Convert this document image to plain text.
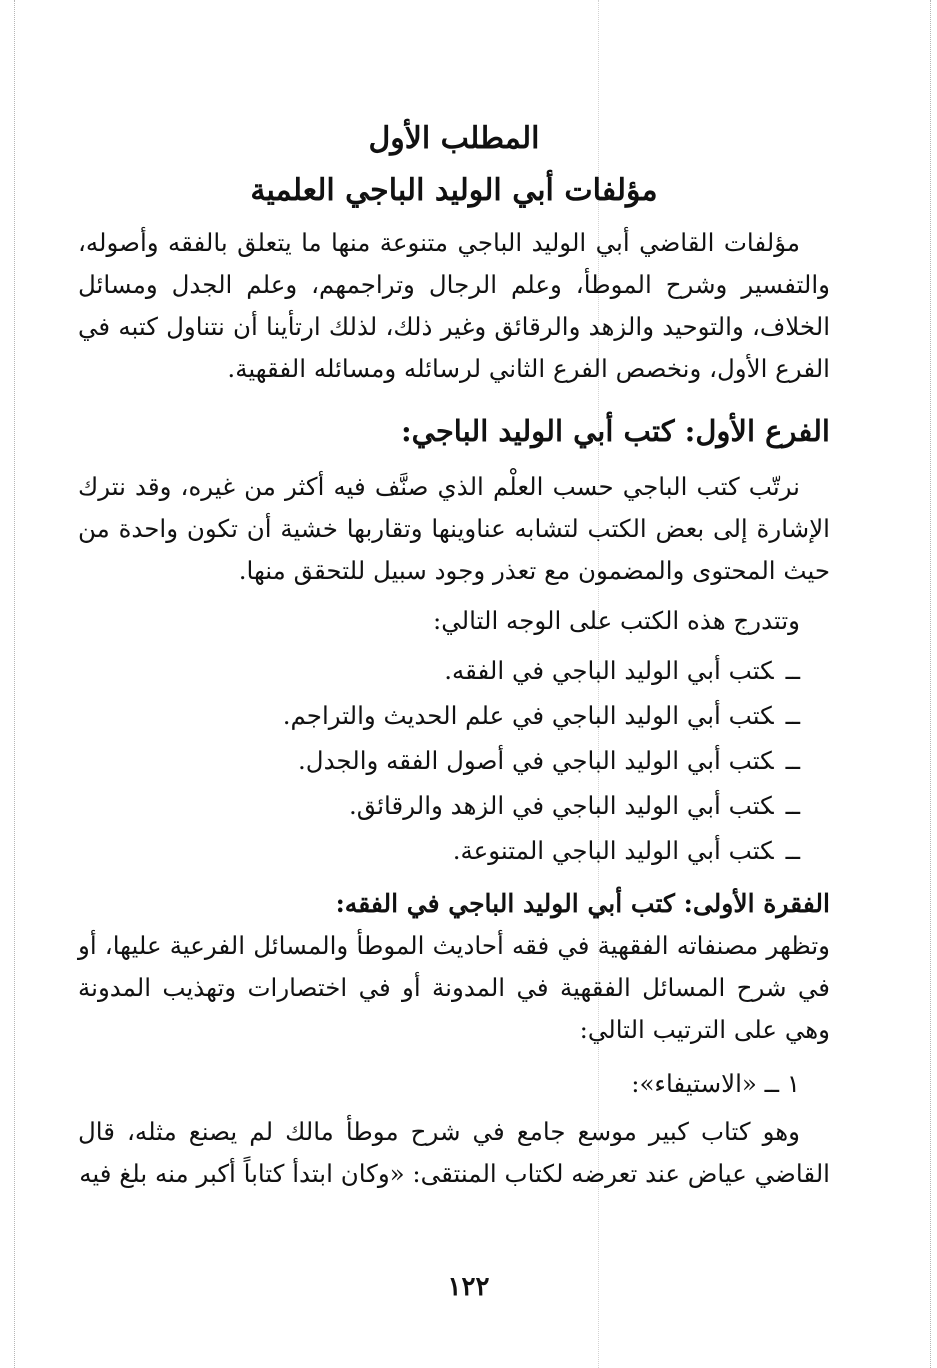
المطلب الأول
مؤلفات أبي الوليد الباجي العلمية

مؤلفات القاضي أبي الوليد الباجي متنوعة منها ما يتعلق بالفقه وأصوله، والتفسير وشرح الموطأ، وعلم الرجال وتراجمهم، وعلم الجدل ومسائل الخلاف، والتوحيد والزهد والرقائق وغير ذلك، لذلك ارتأينا أن نتناول كتبه في الفرع الأول، ونخصص الفرع الثاني لرسائله ومسائله الفقهية.

الفرع الأول: كتب أبي الوليد الباجي:

نرتّب كتب الباجي حسب العلْم الذي صنَّف فيه أكثر من غيره، وقد نترك الإشارة إلى بعض الكتب لتشابه عناوينها وتقاربها خشية أن تكون واحدة من حيث المحتوى والمضمون مع تعذر وجود سبيل للتحقق منها.

وتتدرج هذه الكتب على الوجه التالي:

ــكتب أبي الوليد الباجي في الفقه.
ــكتب أبي الوليد الباجي في علم الحديث والتراجم.
ــكتب أبي الوليد الباجي في أصول الفقه والجدل.
ــكتب أبي الوليد الباجي في الزهد والرقائق.
ــكتب أبي الوليد الباجي المتنوعة.
الفقرة الأولى: كتب أبي الوليد الباجي في الفقه:

وتظهر مصنفاته الفقهية في فقه أحاديث الموطأ والمسائل الفرعية عليها، أو في شرح المسائل الفقهية في المدونة أو في اختصارات وتهذيب المدونة وهي على الترتيب التالي:

١ ــ «الاستيفاء»:

وهو كتاب كبير موسع جامع في شرح موطأ مالك لم يصنع مثله، قال القاضي عياض عند تعرضه لكتاب المنتقى: «وكان ابتدأ كتاباً أكبر منه بلغ فيه

١٢٢
